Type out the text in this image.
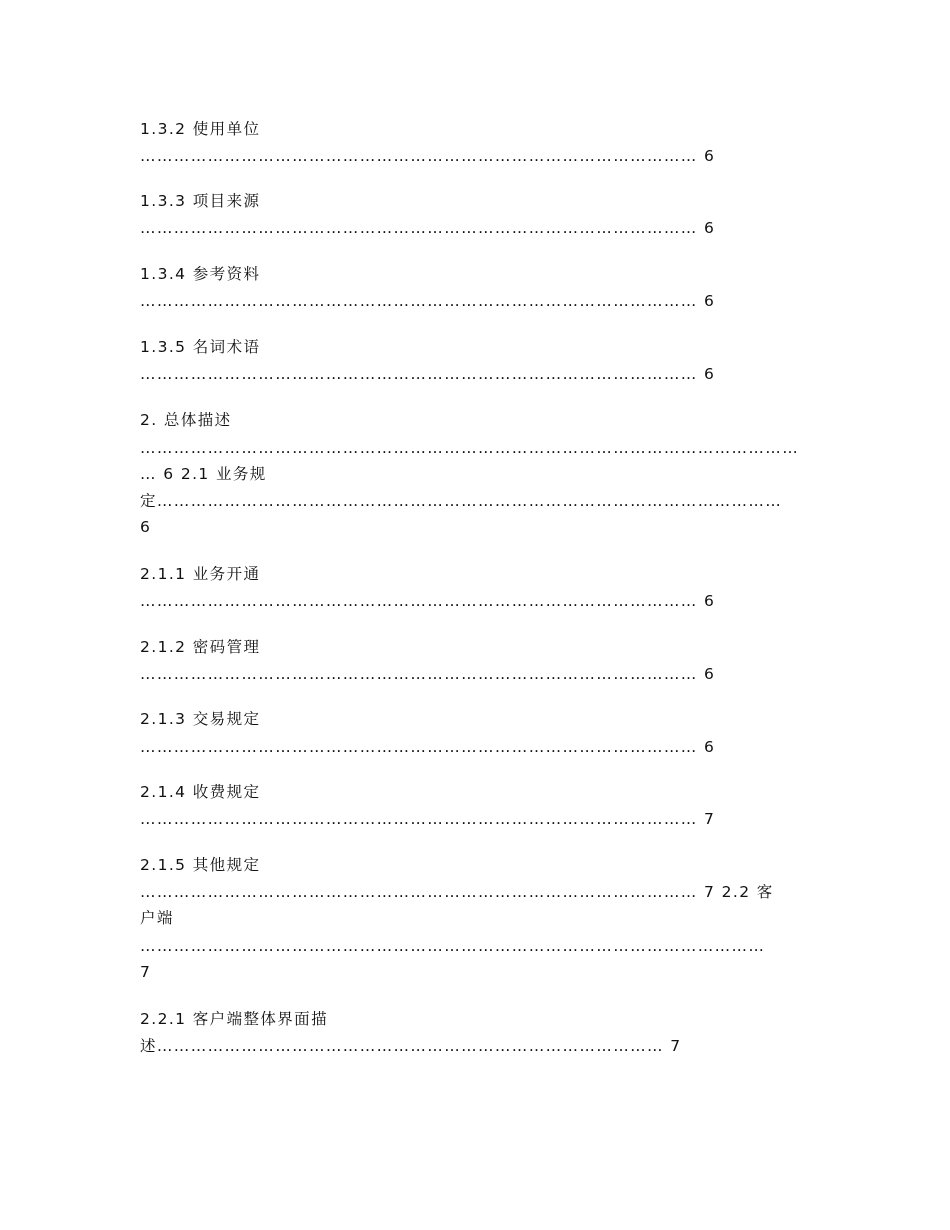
1.3.2 使用单位

……………………………………………………………………………………… 6

1.3.3 项目来源

……………………………………………………………………………………… 6

1.3.4 参考资料

……………………………………………………………………………………… 6

1.3.5 名词术语

……………………………………………………………………………………… 6

2. 总体描述

………………………………………………………………………………………………………

… 6 2.1 业务规

定…………………………………………………………………………………………………

6

2.1.1 业务开通

……………………………………………………………………………………… 6

2.1.2 密码管理

……………………………………………………………………………………… 6

2.1.3 交易规定

……………………………………………………………………………………… 6

2.1.4 收费规定

……………………………………………………………………………………… 7

2.1.5 其他规定

……………………………………………………………………………………… 7 2.2 客

户端

…………………………………………………………………………………………………

7

2.2.1 客户端整体界面描

述……………………………………………………………………………… 7
